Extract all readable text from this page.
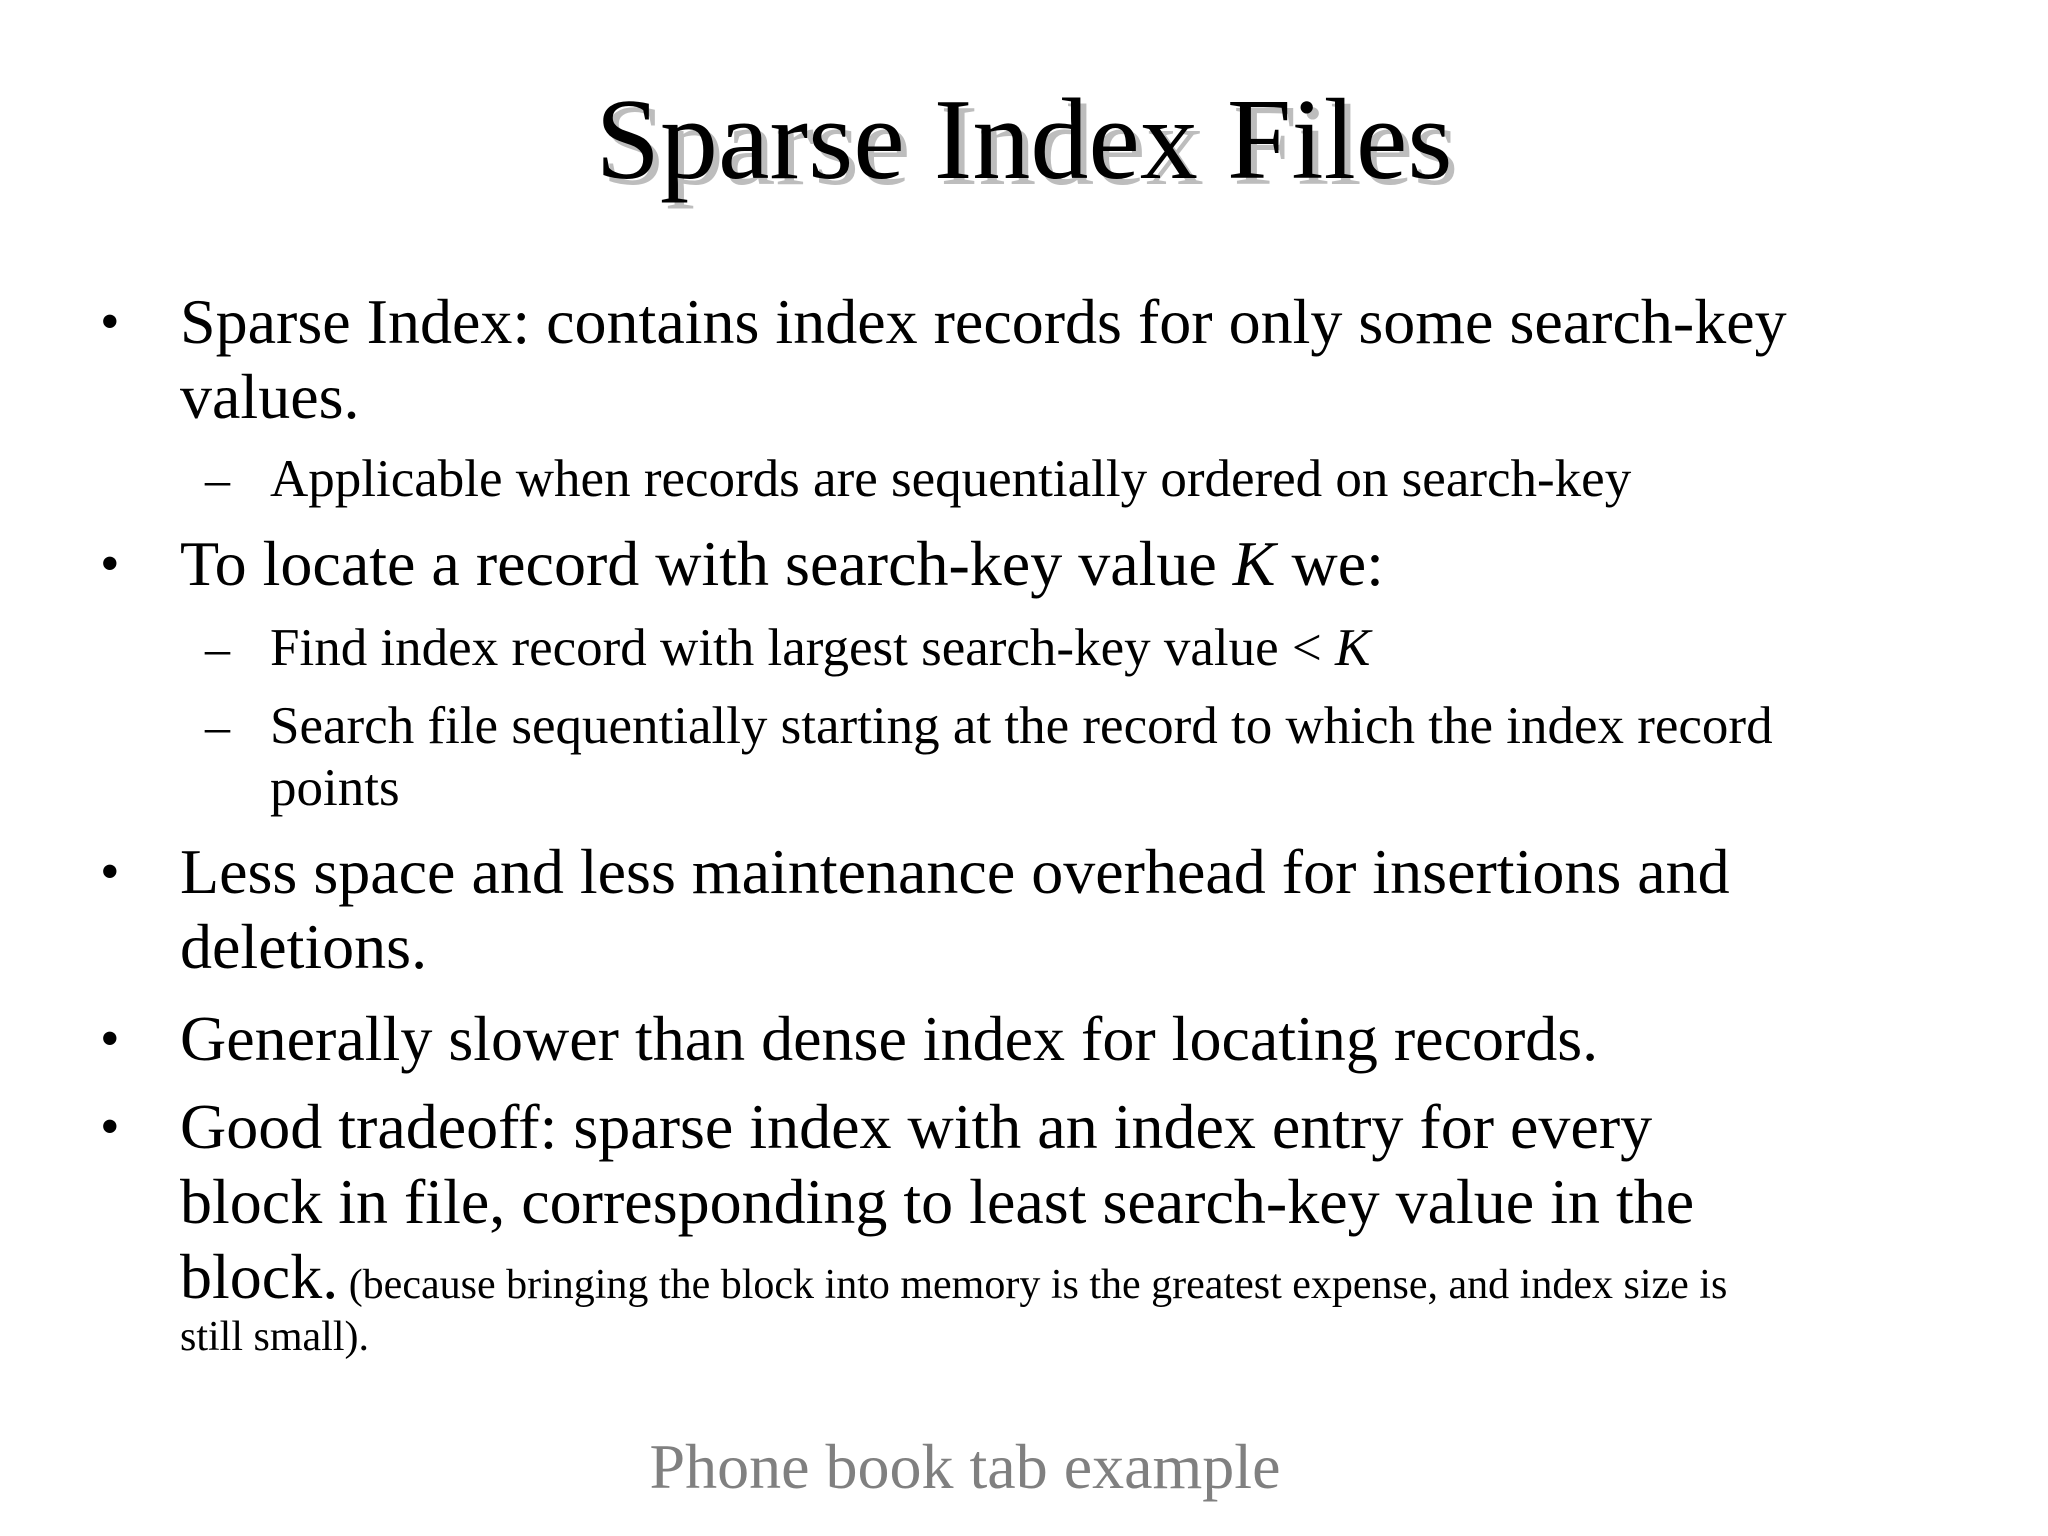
Sparse Index Files
• Sparse Index: contains index records for only some search-key
values.
– Applicable when records are sequentially ordered on search-key
• To locate a record with search-key value K we:
– Find index record with largest search-key value < K
– Search file sequentially starting at the record to which the index record
points
• Less space and less maintenance overhead for insertions and
deletions.
• Generally slower than dense index for locating records.
• Good tradeoff: sparse index with an index entry for every
block in file, corresponding to least search-key value in the
block. (because bringing the block into memory is the greatest expense, and index size is
still small).
Phone book tab example
